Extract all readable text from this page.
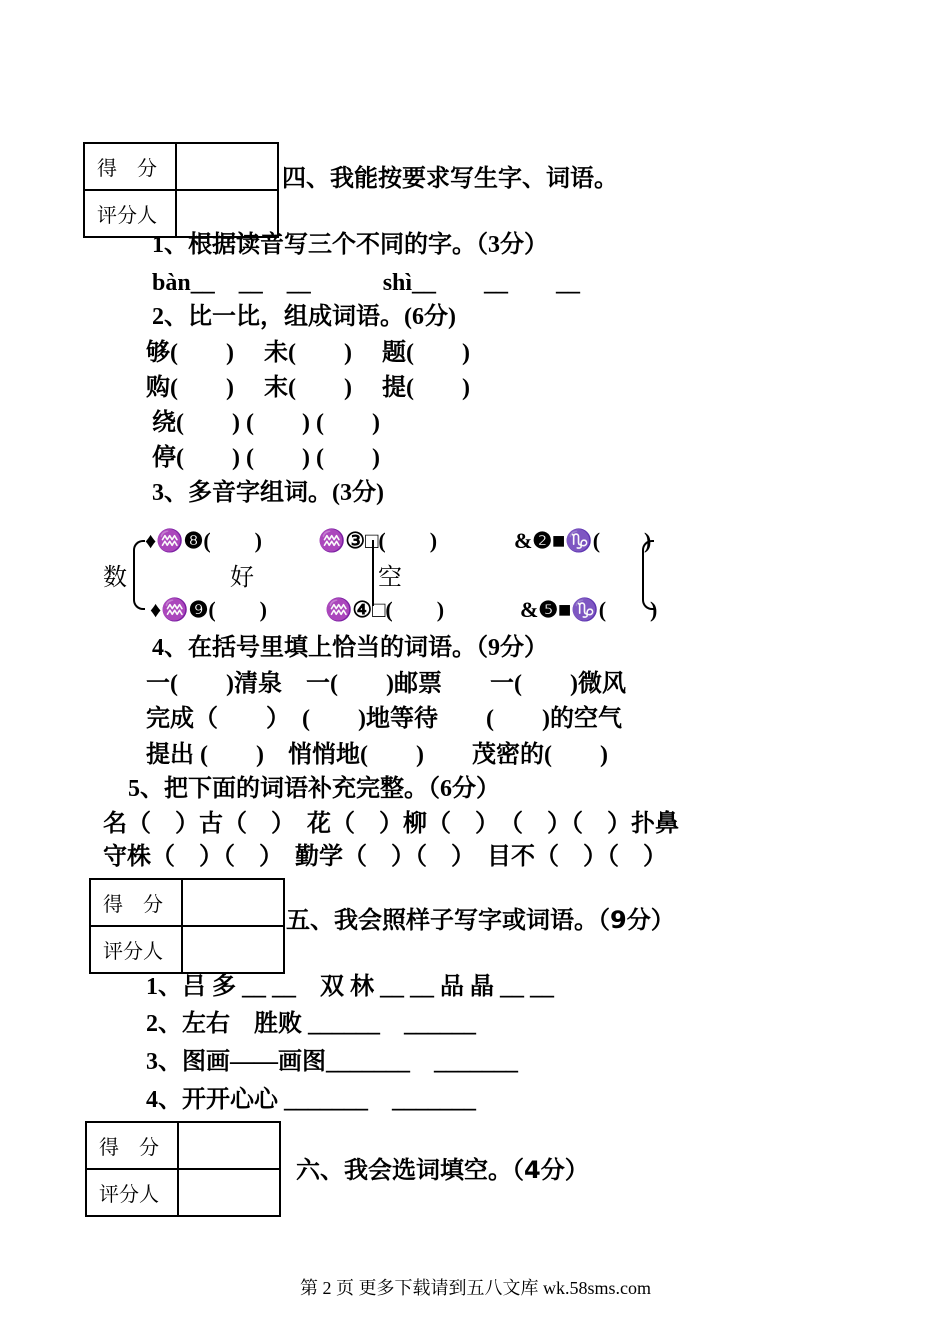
得　分	
评分人	
四、我能按要求写生字、词语。
1、根据读音写三个不同的字。（3分）
bàn__　__　__　　　shì__　　__　　__
2、比一比，组成词语。(6分)
够(　　)　 未(　　)　 题(　　)
购(　　)　 末(　　)　 提(　　)
绕(　　) (　　) (　　)
停(　　) (　　) (　　)
3、多音字组词。(3分)
♦♒❽(　　)	♒③□(　　)	&❷■♑(　　)
数	好	空
♦♒❾(　　)	♒④□(　　)	&❺■♑(　　)
4、在括号里填上恰当的词语。（9分）
一(　　)清泉　一(　　)邮票　　一(　　)微风
完成（　　）　(　　)地等待　　(　　)的空气
提出 (　　)　悄悄地(　　)　　茂密的(　　)
5、把下面的词语补充完整。（6分）
名（　）古（　）　花（　）柳（　）　（　）（　）扑鼻
守株（　）（　）　勤学（　）（　）　目不（　）（　）
得　分	
评分人	
五、我会照样子写字或词语。（9分）
1、吕 多 __ __　双 林 __ __ 品 晶 __ __
2、左右　胜败 ______　______
3、图画——画图_______　_______
4、开开心心 _______　_______
得　分	
评分人	
六、我会选词填空。（4分）
第 2 页 更多下载请到五八文库 wk.58sms.com
